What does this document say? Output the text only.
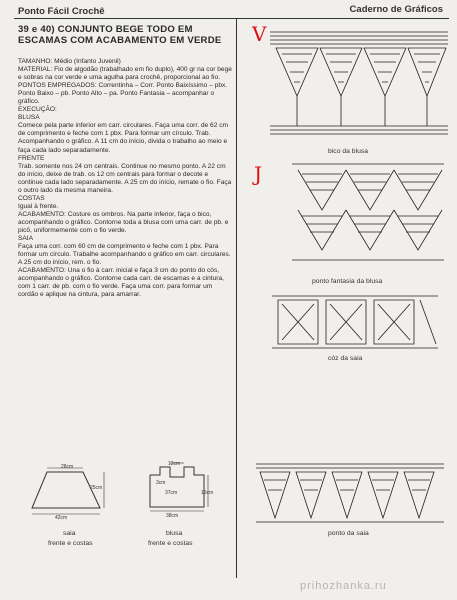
Ponto Fácil Crochê	Caderno de Gráficos
39 e 40) CONJUNTO BEGE TODO EM ESCAMAS COM ACABAMENTO EM VERDE
TAMANHO: Médio (Infanto Juvenil)
MATERIAL: Fio de algodão (trabalhado em fio duplo), 400 gr na cor bege e sobras na cor verde e uma agulha para crochê, proporcional ao fio.
PONTOS EMPREGADOS: Correntinha – Corr. Ponto Baixíssimo – pbx. Ponto Baixo – pb. Ponto Alto – pa. Ponto Fantasia – acompanhar o gráfico.
EXECUÇÃO:
BLUSA
Comece pela parte inferior em carr. circulares. Faça uma corr. de 62 cm de comprimento e feche com 1 pbx. Para formar um círculo. Trab. Acompanhando o gráfico. A 11 cm do início, divida o trabalho ao meio e faça cada lado separadamente.
FRENTE
Trab. somente nos 24 cm centrais. Continue no mesmo ponto. A 22 cm do início, deixe de trab. os 12 cm centrais para formar o decote e continue cada lado separadamente. A 25 cm do início, remate o fio. Faça o outro lado da mesma maneira.
COSTAS
Igual à frente.
ACABAMENTO: Costure os ombros. Na parte inferior, faça o bico, acompanhando o gráfico. Contorne toda a blusa com uma carr. de pb. e picô, uniformemente com o fio verde.
SAIA
Faça uma corr. com 60 cm de comprimento e feche com 1 pbx. Para formar um círculo. Trabalhe acompanhando o gráfico em carr. circulares. A 25 cm do início, rem. o fio.
ACABAMENTO: Una o fio à carr. inicial e faça 3 cm do ponto do cós, acompanhando o gráfico. Contorne cada carr. de escamas e a cintura, com 1 carr. de pb. com o fio verde. Faça uma corr. para formar um cordão e aplique na cintura, para amarrar.
28cm
25cm
42cm
saia
frente e costas
12cm
3cm
37cm	15cm
38cm
blusa
frente e costas
V
J
bico da blusa
ponto fantasia da blusa
cóz da saia
ponto da saia
prihozhanka.ru
